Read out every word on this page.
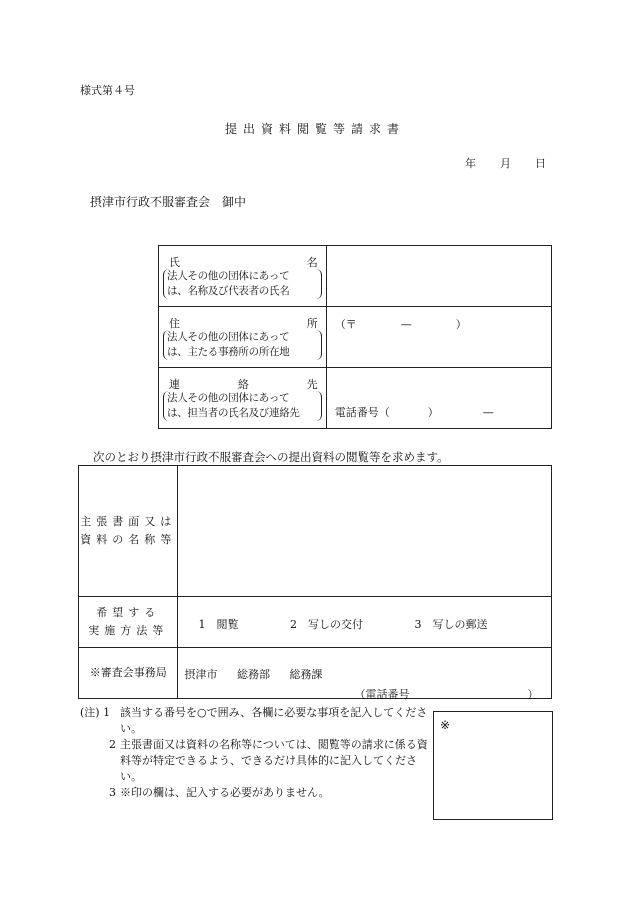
様式第４号
提出資料閲覧等請求書
年 月 日
摂津市行政不服審査会　御中
氏 名
法人その他の団体にあって
は、名称及び代表者の氏名	

住 所
法人その他の団体にあって
は、主たる事務所の所在地	（〒 — ）

連 絡 先
法人その他の団体にあって
は、担当者の氏名及び連絡先	電話番号（ ） —
次のとおり摂津市行政不服審査会への提出資料の閲覧等を求めます。
主張書面又は
資料の名称等	

希望する
実施方法等	1　閲覧 2　写しの交付 3　写しの郵送

※審査会事務局	摂津市 総務部 総務課
（電話番号 ）
(注) 1 該当する番号を○で囲み、各欄に必要な事項を記入してください。
2 主張書面又は資料の名称等については、閲覧等の請求に係る資料等が特定できるよう、できるだけ具体的に記入してください。
3 ※印の欄は、記入する必要がありません。
※
